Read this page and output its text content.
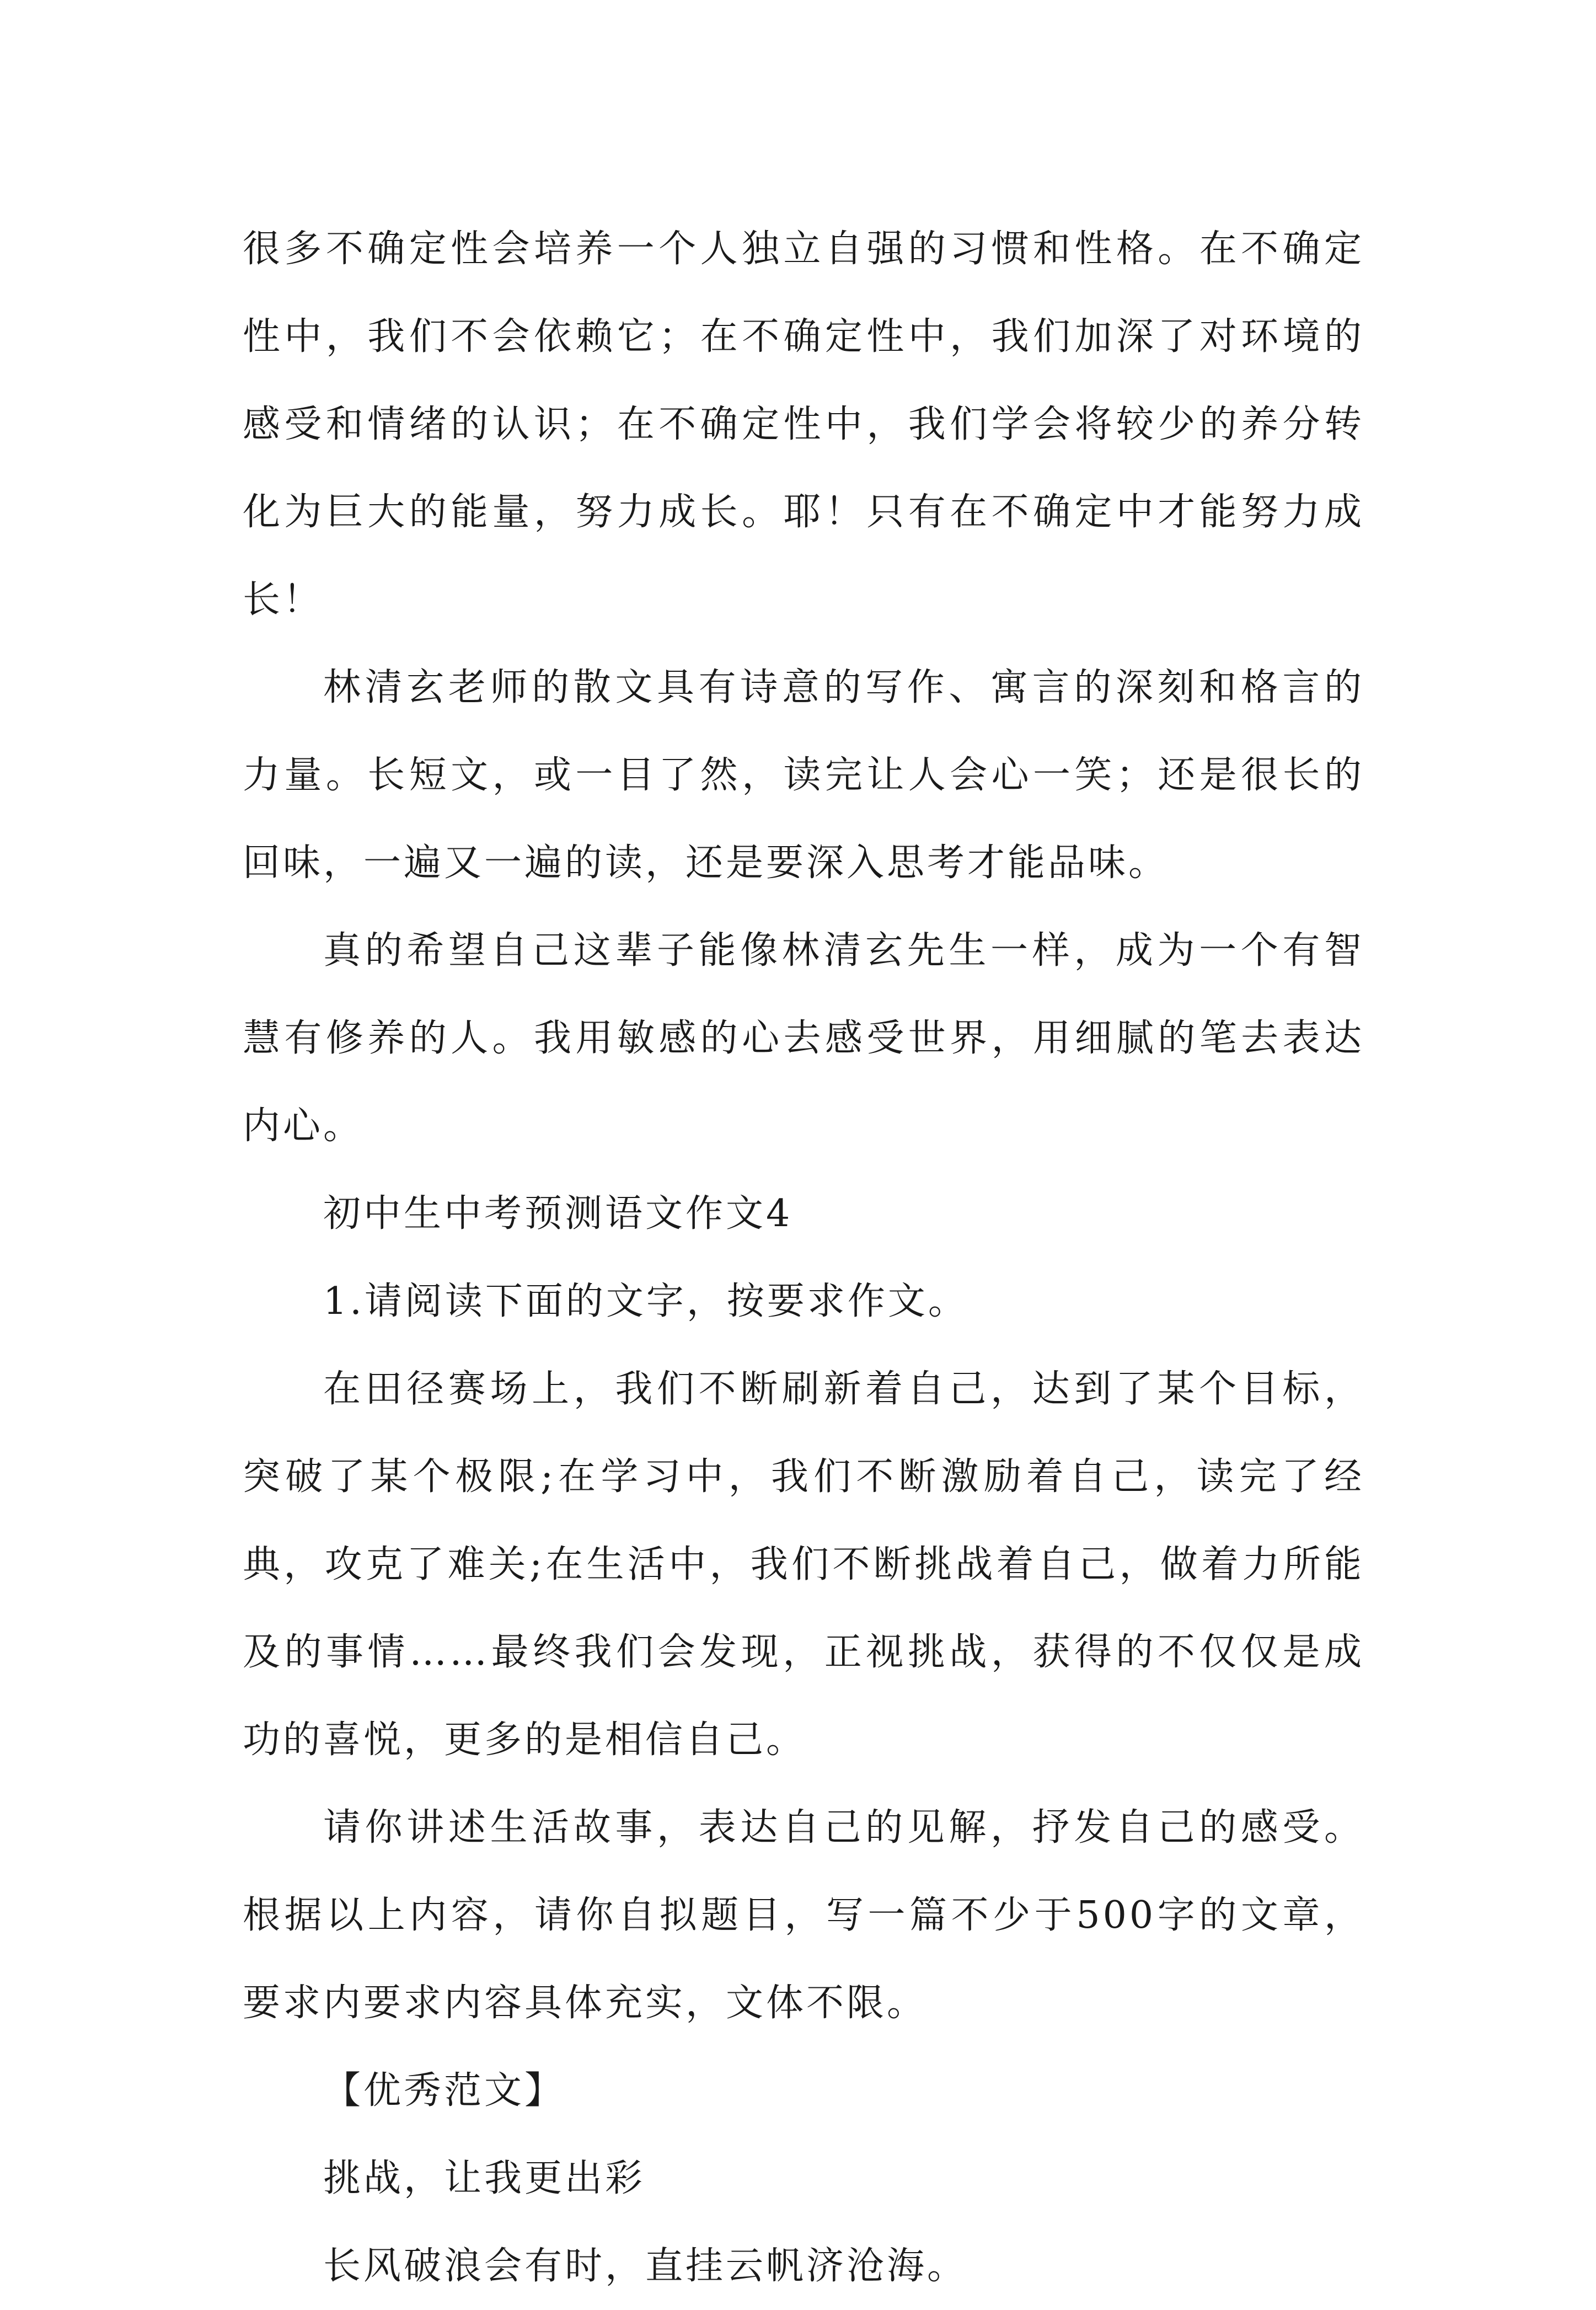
很多不确定性会培养一个人独立自强的习惯和性格。在不确定性中，我们不会依赖它；在不确定性中，我们加深了对环境的感受和情绪的认识；在不确定性中，我们学会将较少的养分转化为巨大的能量，努力成长。耶！只有在不确定中才能努力成长！

林清玄老师的散文具有诗意的写作、寓言的深刻和格言的力量。长短文，或一目了然，读完让人会心一笑；还是很长的回味，一遍又一遍的读，还是要深入思考才能品味。

真的希望自己这辈子能像林清玄先生一样，成为一个有智慧有修养的人。我用敏感的心去感受世界，用细腻的笔去表达内心。

初中生中考预测语文作文4

1.请阅读下面的文字，按要求作文。

在田径赛场上，我们不断刷新着自己，达到了某个目标，突破了某个极限;在学习中，我们不断激励着自己，读完了经典，攻克了难关;在生活中，我们不断挑战着自己，做着力所能及的事情……最终我们会发现，正视挑战，获得的不仅仅是成功的喜悦，更多的是相信自己。

请你讲述生活故事，表达自己的见解，抒发自己的感受。根据以上内容，请你自拟题目，写一篇不少于500字的文章，要求内要求内容具体充实，文体不限。

【优秀范文】

挑战，让我更出彩

长风破浪会有时，直挂云帆济沧海。
